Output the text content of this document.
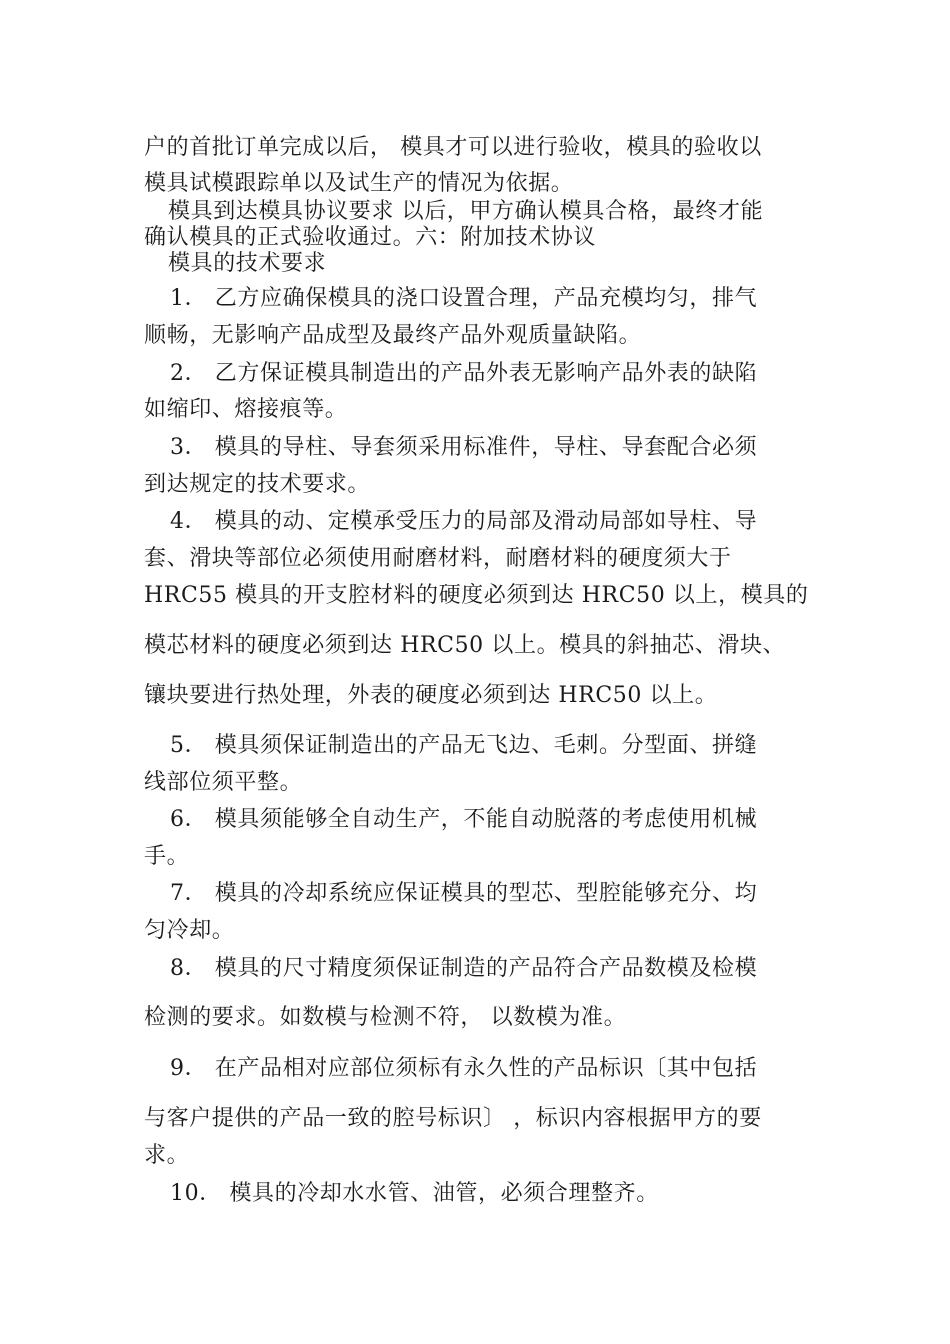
户的首批订单完成以后， 模具才可以进行验收，模具的验收以
模具试模跟踪单以及试生产的情况为依据。
模具到达模具协议要求 以后，甲方确认模具合格，最终才能
确认模具的正式验收通过。六：附加技术协议
模具的技术要求
1． 乙方应确保模具的浇口设置合理，产品充模均匀，排气
顺畅，无影响产品成型及最终产品外观质量缺陷。
2． 乙方保证模具制造出的产品外表无影响产品外表的缺陷
如缩印、熔接痕等。
3． 模具的导柱、导套须采用标准件，导柱、导套配合必须
到达规定的技术要求。
4． 模具的动、定模承受压力的局部及滑动局部如导柱、导
套、滑块等部位必须使用耐磨材料，耐磨材料的硬度须大于
HRC55 模具的开支腔材料的硬度必须到达 HRC50 以上，模具的
模芯材料的硬度必须到达 HRC50 以上。模具的斜抽芯、滑块、
镶块要进行热处理，外表的硬度必须到达 HRC50 以上。
5． 模具须保证制造出的产品无飞边、毛刺。分型面、拼缝
线部位须平整。
6． 模具须能够全自动生产，不能自动脱落的考虑使用机械
手。
7． 模具的冷却系统应保证模具的型芯、型腔能够充分、均
匀冷却。
8． 模具的尺寸精度须保证制造的产品符合产品数模及检模
检测的要求。如数模与检测不符， 以数模为准。
9． 在产品相对应部位须标有永久性的产品标识〔其中包括
与客户提供的产品一致的腔号标识〕 ，标识内容根据甲方的要
求。
10． 模具的冷却水水管、油管，必须合理整齐。
